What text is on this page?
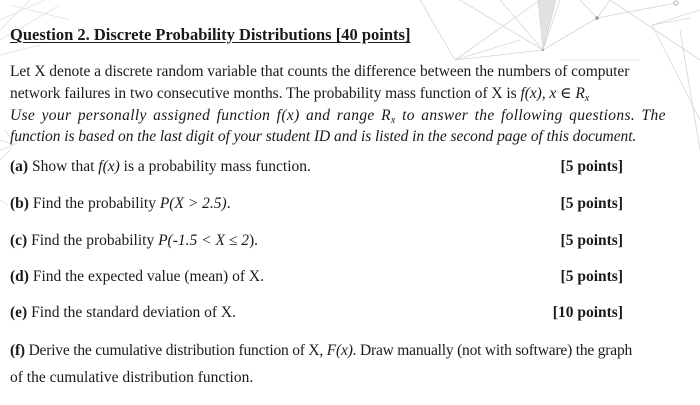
Question 2. Discrete Probability Distributions [40 points]
Let X denote a discrete random variable that counts the difference between the numbers of computer
network failures in two consecutive months. The probability mass function of X is f(x), x ∈ $R_x$
Use your personally assigned function f(x) and range $R_x$ to answer the following questions. The
function is based on the last digit of your student ID and is listed in the second page of this document.
(a) Show that f(x) is a probability mass function.	[5 points]
(b) Find the probability P(X > 2.5).	[5 points]
(c) Find the probability P(-1.5 < X ≤ 2).	[5 points]
(d) Find the expected value (mean) of X.	[5 points]
(e) Find the standard deviation of X.	[10 points]
(f) Derive the cumulative distribution function of X, F(x). Draw manually (not with software) the graph
of the cumulative distribution function.
